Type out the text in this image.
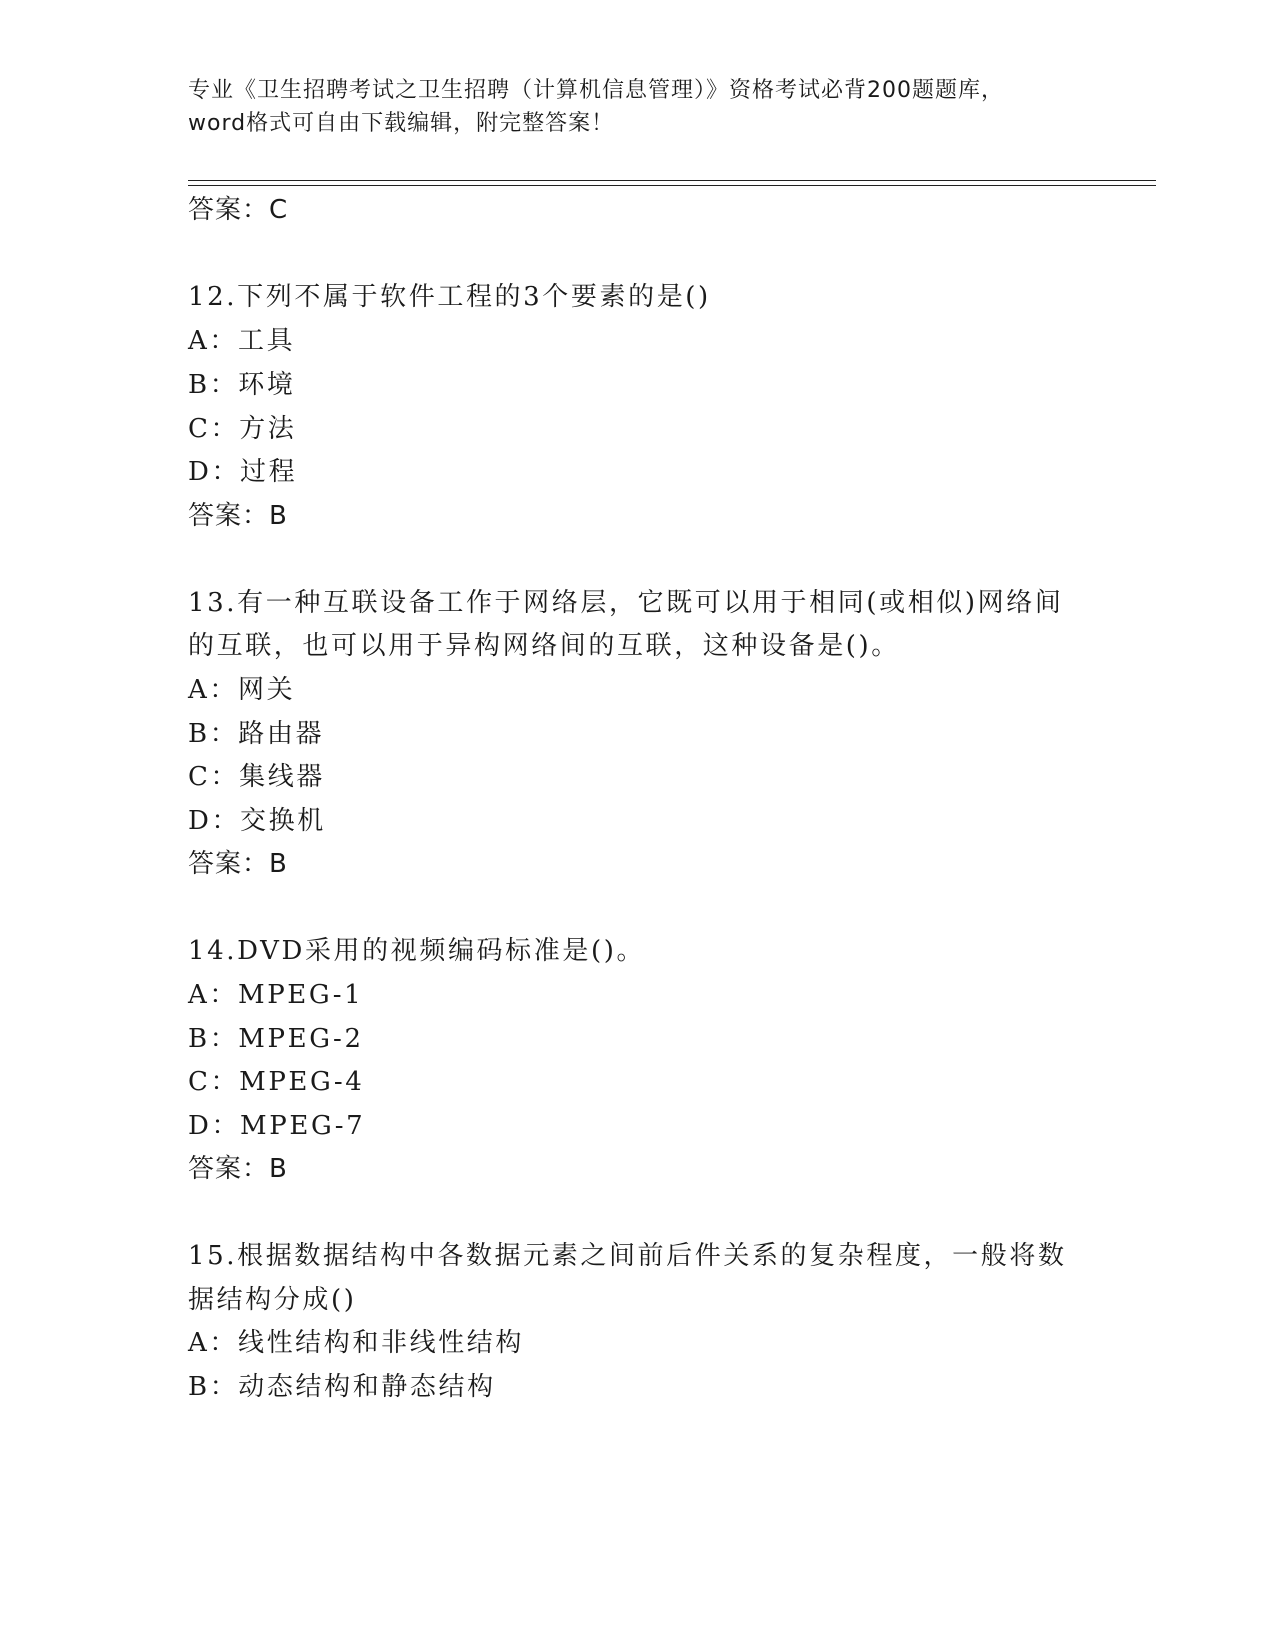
专业《卫生招聘考试之卫生招聘（计算机信息管理）》资格考试必背200题题库，
word格式可自由下载编辑，附完整答案！
答案：C
12.下列不属于软件工程的3个要素的是()
A：工具
B：环境
C：方法
D：过程
答案：B
13.有一种互联设备工作于网络层，它既可以用于相同(或相似)网络间
的互联，也可以用于异构网络间的互联，这种设备是()。
A：网关
B：路由器
C：集线器
D：交换机
答案：B
14.DVD采用的视频编码标准是()。
A：MPEG-1
B：MPEG-2
C：MPEG-4
D：MPEG-7
答案：B
15.根据数据结构中各数据元素之间前后件关系的复杂程度，一般将数
据结构分成()
A：线性结构和非线性结构
B：动态结构和静态结构
